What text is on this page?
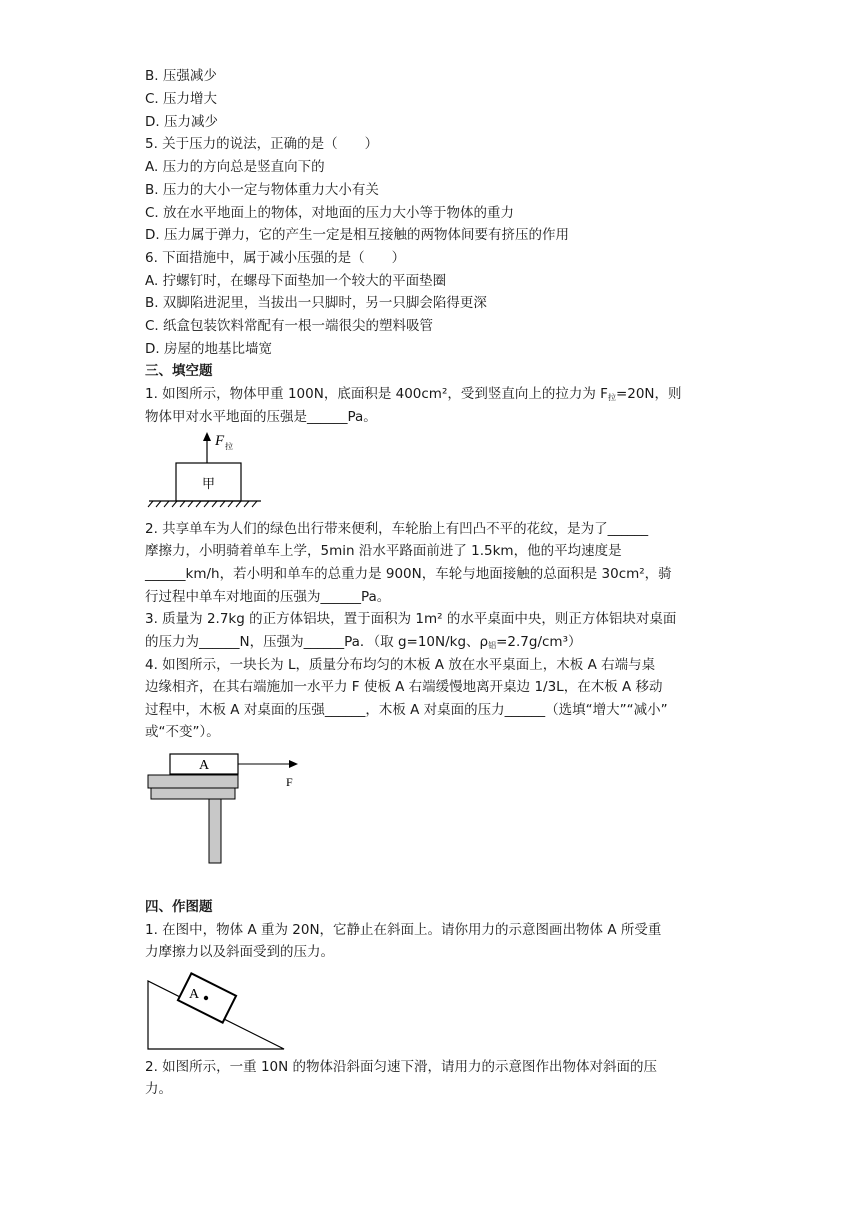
B. 压强减少
C. 压力增大
D. 压力减少
5. 关于压力的说法，正确的是（　　）
A. 压力的方向总是竖直向下的
B. 压力的大小一定与物体重力大小有关
C. 放在水平地面上的物体，对地面的压力大小等于物体的重力
D. 压力属于弹力，它的产生一定是相互接触的两物体间要有挤压的作用
6. 下面措施中，属于减小压强的是（　　）
A. 拧螺钉时，在螺母下面垫加一个较大的平面垫圈
B. 双脚陷进泥里，当拔出一只脚时，另一只脚会陷得更深
C. 纸盒包装饮料常配有一根一端很尖的塑料吸管
D. 房屋的地基比墙宽
三、填空题
1. 如图所示，物体甲重 100N，底面积是 400cm²，受到竖直向上的拉力为 $F_拉=20N$，则
物体甲对水平地面的压强是______Pa。
F 拉
甲
2. 共享单车为人们的绿色出行带来便利，车轮胎上有凹凸不平的花纹，是为了______
摩擦力，小明骑着单车上学，5min 沿水平路面前进了 1.5km，他的平均速度是
______km/h，若小明和单车的总重力是 900N，车轮与地面接触的总面积是 30cm²，骑
行过程中单车对地面的压强为______Pa。
3. 质量为 2.7kg 的正方体铝块，置于面积为 1m² 的水平桌面中央，则正方体铝块对桌面
的压力为______N，压强为______Pa．（取 g=10N/kg、$\rho_铝=2.7g/cm^3$）
4. 如图所示，一块长为 L，质量分布均匀的木板 A 放在水平桌面上，木板 A 右端与桌
边缘相齐，在其右端施加一水平力 F 使板 A 右端缓慢地离开桌边 1/3L，在木板 A 移动
过程中，木板 A 对桌面的压强______，木板 A 对桌面的压力______（选填“增大”“减小”
或“不变”）。
A
F
四、作图题
1. 在图中，物体 A 重为 20N，它静止在斜面上。请你用力的示意图画出物体 A 所受重
力摩擦力以及斜面受到的压力。
A
2. 如图所示，一重 10N 的物体沿斜面匀速下滑，请用力的示意图作出物体对斜面的压
力。
